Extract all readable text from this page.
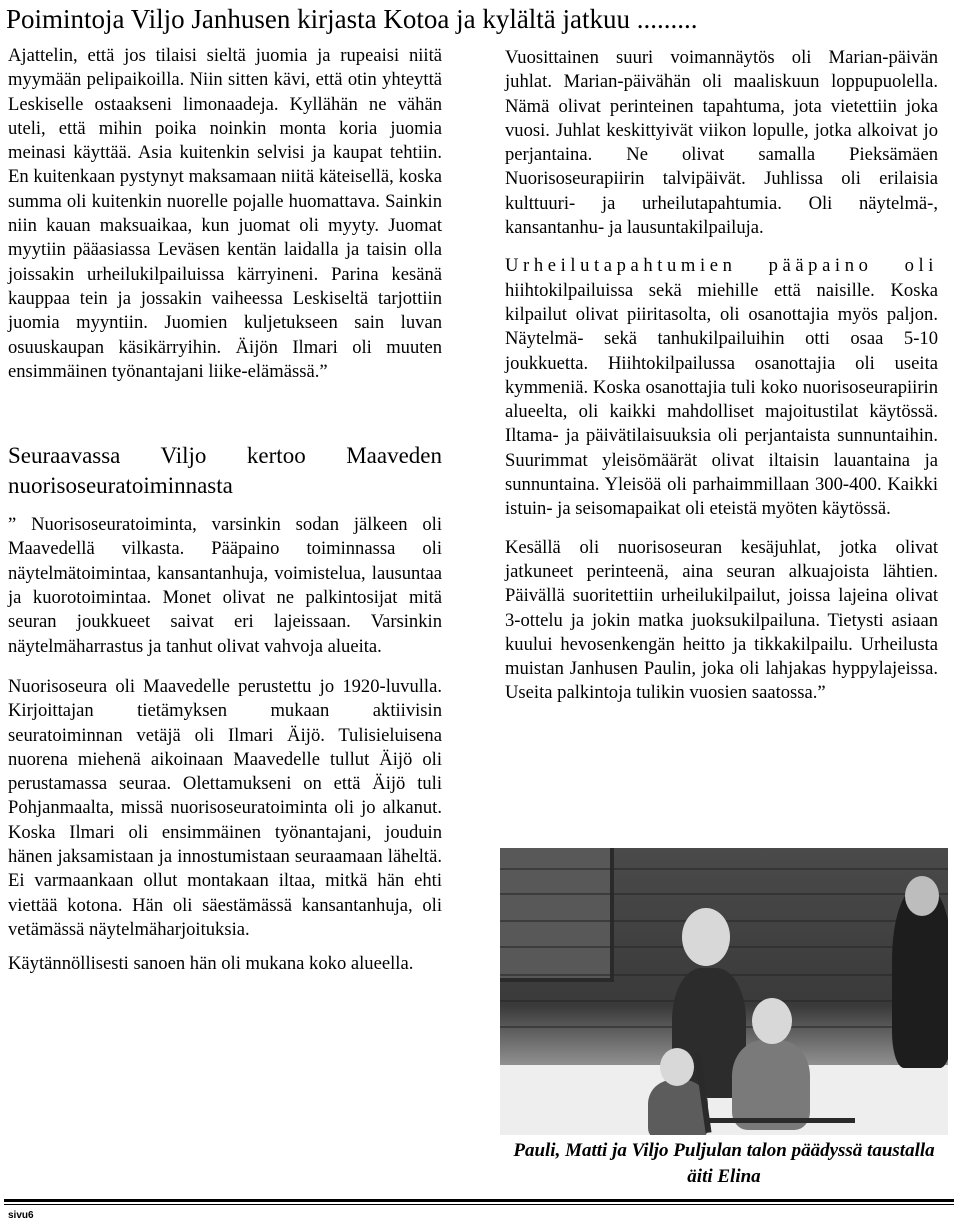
Poimintoja Viljo Janhusen kirjasta Kotoa ja kylältä jatkuu .........

Ajattelin, että jos tilaisi sieltä juomia ja rupeaisi niitä myymään pelipaikoilla. Niin sitten kävi, että otin yhteyttä Leskiselle ostaakseni limonaadeja. Kyllähän ne vähän uteli, että mihin poika noinkin monta koria juomia meinasi käyttää. Asia kuitenkin selvisi ja kaupat tehtiin. En kuitenkaan pystynyt maksamaan niitä käteisellä, koska summa oli kuitenkin nuorelle pojalle huomattava. Sainkin niin kauan maksuaikaa, kun juomat oli myyty. Juomat myytiin pääasiassa Leväsen kentän laidalla ja taisin olla joissakin urheilukilpailuissa kärryineni. Parina kesänä kauppaa tein ja jossakin vaiheessa Leskiseltä tarjottiin juomia myyntiin. Juomien kuljetukseen sain luvan osuuskaupan käsikärryihin. Äijön Ilmari oli muuten ensimmäinen työnantajani liike-elämässä.”

Seuraavassa Viljo kertoo Maaveden nuorisoseuratoiminnasta

” Nuorisoseuratoiminta, varsinkin sodan jälkeen oli Maavedellä vilkasta. Pääpaino toiminnassa oli näytelmätoimintaa, kansantanhuja, voimistelua, lausuntaa ja kuorotoimintaa. Monet olivat ne palkintosijat mitä seuran joukkueet saivat eri lajeissaan. Varsinkin näytelmäharrastus ja tanhut olivat vahvoja alueita.

Nuorisoseura oli Maavedelle perustettu jo 1920-luvulla. Kirjoittajan tietämyksen mukaan aktiivisin seuratoiminnan vetäjä oli Ilmari Äijö. Tulisieluisena nuorena miehenä aikoinaan Maavedelle tullut Äijö oli perustamassa seuraa. Olettamukseni on että Äijö tuli Pohjanmaalta, missä nuorisoseuratoiminta oli jo alkanut. Koska Ilmari oli ensimmäinen työnantajani, jouduin hänen jaksamistaan ja innostumistaan seuraamaan läheltä. Ei varmaankaan ollut montakaan iltaa, mitkä hän ehti viettää kotona. Hän oli säestämässä kansantanhuja, oli vetämässä näytelmäharjoituksia.

Käytännöllisesti sanoen hän oli mukana koko alueella.

Vuosittainen suuri voimannäytös oli Marian-päivän juhlat. Marian-päivähän oli maaliskuun loppupuolella. Nämä olivat perinteinen tapahtuma, jota vietettiin joka vuosi. Juhlat keskittyivät viikon lopulle, jotka alkoivat jo perjantaina. Ne olivat samalla Pieksämäen Nuorisoseurapiirin talvipäivät. Juhlissa oli erilaisia kulttuuri- ja urheilutapahtumia. Oli näytelmä-, kansantanhu- ja lausuntakilpailuja.

Urheilutapahtumien pääpaino oli hiihtokilpailuissa sekä miehille että naisille. Koska kilpailut olivat piiritasolta, oli osanottajia myös paljon. Näytelmä- sekä tanhukilpailuihin otti osaa 5-10 joukkuetta. Hiihtokilpailussa osanottajia oli useita kymmeniä. Koska osanottajia tuli koko nuorisoseurapiirin alueelta, oli kaikki mahdolliset majoitustilat käytössä. Iltama- ja päivätilaisuuksia oli perjantaista sunnuntaihin. Suurimmat yleisömäärät olivat iltaisin lauantaina ja sunnuntaina. Yleisöä oli parhaimmillaan 300-400. Kaikki istuin- ja seisomapaikat oli eteistä myöten käytössä.

Kesällä oli nuorisoseuran kesäjuhlat, jotka olivat jatkuneet perinteenä, aina seuran alkuajoista lähtien. Päivällä suoritettiin urheilukilpailut, joissa lajeina olivat 3-ottelu ja jokin matka juoksukilpailuna. Tietysti asiaan kuului hevosenkengän heitto ja tikkakilpailu. Urheilusta muistan Janhusen Paulin, joka oli lahjakas hyppylajeissa. Useita palkintoja tulikin vuosien saatossa.”

Pauli, Matti ja Viljo Puljulan talon päädyssä taustalla äiti Elina

sivu6
